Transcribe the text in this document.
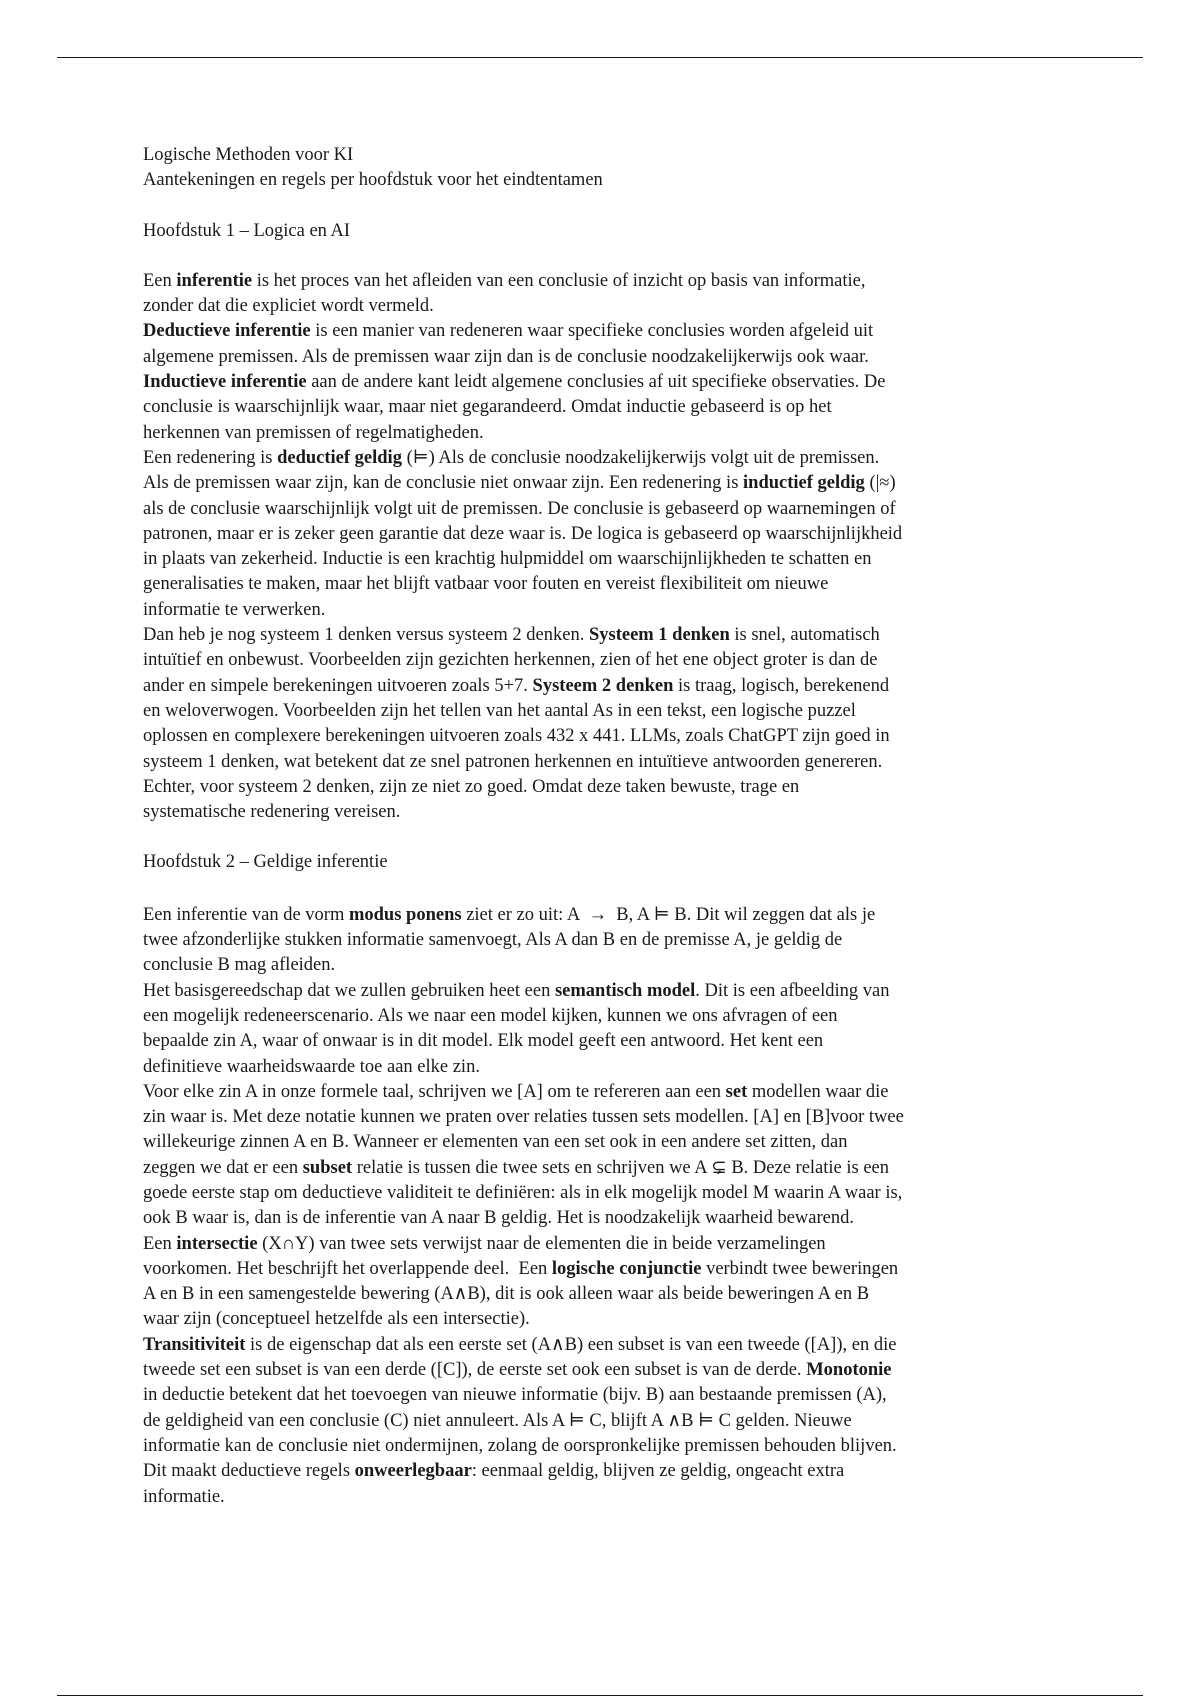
Logische Methoden voor KI
Aantekeningen en regels per hoofdstuk voor het eindtentamen
Hoofdstuk 1 – Logica en AI
Een inferentie is het proces van het afleiden van een conclusie of inzicht op basis van informatie,
zonder dat die expliciet wordt vermeld.
Deductieve inferentie is een manier van redeneren waar specifieke conclusies worden afgeleid uit
algemene premissen. Als de premissen waar zijn dan is de conclusie noodzakelijkerwijs ook waar.
Inductieve inferentie aan de andere kant leidt algemene conclusies af uit specifieke observaties. De
conclusie is waarschijnlijk waar, maar niet gegarandeerd. Omdat inductie gebaseerd is op het
herkennen van premissen of regelmatigheden.
Een redenering is deductief geldig (⊨) Als de conclusie noodzakelijkerwijs volgt uit de premissen.
Als de premissen waar zijn, kan de conclusie niet onwaar zijn. Een redenering is inductief geldig (|≈)
als de conclusie waarschijnlijk volgt uit de premissen. De conclusie is gebaseerd op waarnemingen of
patronen, maar er is zeker geen garantie dat deze waar is. De logica is gebaseerd op waarschijnlijkheid
in plaats van zekerheid. Inductie is een krachtig hulpmiddel om waarschijnlijkheden te schatten en
generalisaties te maken, maar het blijft vatbaar voor fouten en vereist flexibiliteit om nieuwe
informatie te verwerken.
Dan heb je nog systeem 1 denken versus systeem 2 denken. Systeem 1 denken is snel, automatisch
intuïtief en onbewust. Voorbeelden zijn gezichten herkennen, zien of het ene object groter is dan de
ander en simpele berekeningen uitvoeren zoals 5+7. Systeem 2 denken is traag, logisch, berekenend
en weloverwogen. Voorbeelden zijn het tellen van het aantal As in een tekst, een logische puzzel
oplossen en complexere berekeningen uitvoeren zoals 432 x 441. LLMs, zoals ChatGPT zijn goed in
systeem 1 denken, wat betekent dat ze snel patronen herkennen en intuïtieve antwoorden genereren.
Echter, voor systeem 2 denken, zijn ze niet zo goed. Omdat deze taken bewuste, trage en
systematische redenering vereisen.
Hoofdstuk 2 – Geldige inferentie
Een inferentie van de vorm modus ponens ziet er zo uit: A  →  B, A ⊨ B. Dit wil zeggen dat als je
twee afzonderlijke stukken informatie samenvoegt, Als A dan B en de premisse A, je geldig de
conclusie B mag afleiden.
Het basisgereedschap dat we zullen gebruiken heet een semantisch model. Dit is een afbeelding van
een mogelijk redeneerscenario. Als we naar een model kijken, kunnen we ons afvragen of een
bepaalde zin A, waar of onwaar is in dit model. Elk model geeft een antwoord. Het kent een
definitieve waarheidswaarde toe aan elke zin.
Voor elke zin A in onze formele taal, schrijven we [A] om te refereren aan een set modellen waar die
zin waar is. Met deze notatie kunnen we praten over relaties tussen sets modellen. [A] en [B]voor twee
willekeurige zinnen A en B. Wanneer er elementen van een set ook in een andere set zitten, dan
zeggen we dat er een subset relatie is tussen die twee sets en schrijven we A ⊊ B. Deze relatie is een
goede eerste stap om deductieve validiteit te definiëren: als in elk mogelijk model M waarin A waar is,
ook B waar is, dan is de inferentie van A naar B geldig. Het is noodzakelijk waarheid bewarend.
Een intersectie (X∩Y) van twee sets verwijst naar de elementen die in beide verzamelingen
voorkomen. Het beschrijft het overlappende deel.  Een logische conjunctie verbindt twee beweringen
A en B in een samengestelde bewering (A∧B), dit is ook alleen waar als beide beweringen A en B
waar zijn (conceptueel hetzelfde als een intersectie).
Transitiviteit is de eigenschap dat als een eerste set (A∧B) een subset is van een tweede ([A]), en die
tweede set een subset is van een derde ([C]), de eerste set ook een subset is van de derde. Monotonie
in deductie betekent dat het toevoegen van nieuwe informatie (bijv. B) aan bestaande premissen (A),
de geldigheid van een conclusie (C) niet annuleert. Als A ⊨ C, blijft A ∧B ⊨ C gelden. Nieuwe
informatie kan de conclusie niet ondermijnen, zolang de oorspronkelijke premissen behouden blijven.
Dit maakt deductieve regels onweerlegbaar: eenmaal geldig, blijven ze geldig, ongeacht extra
informatie.
